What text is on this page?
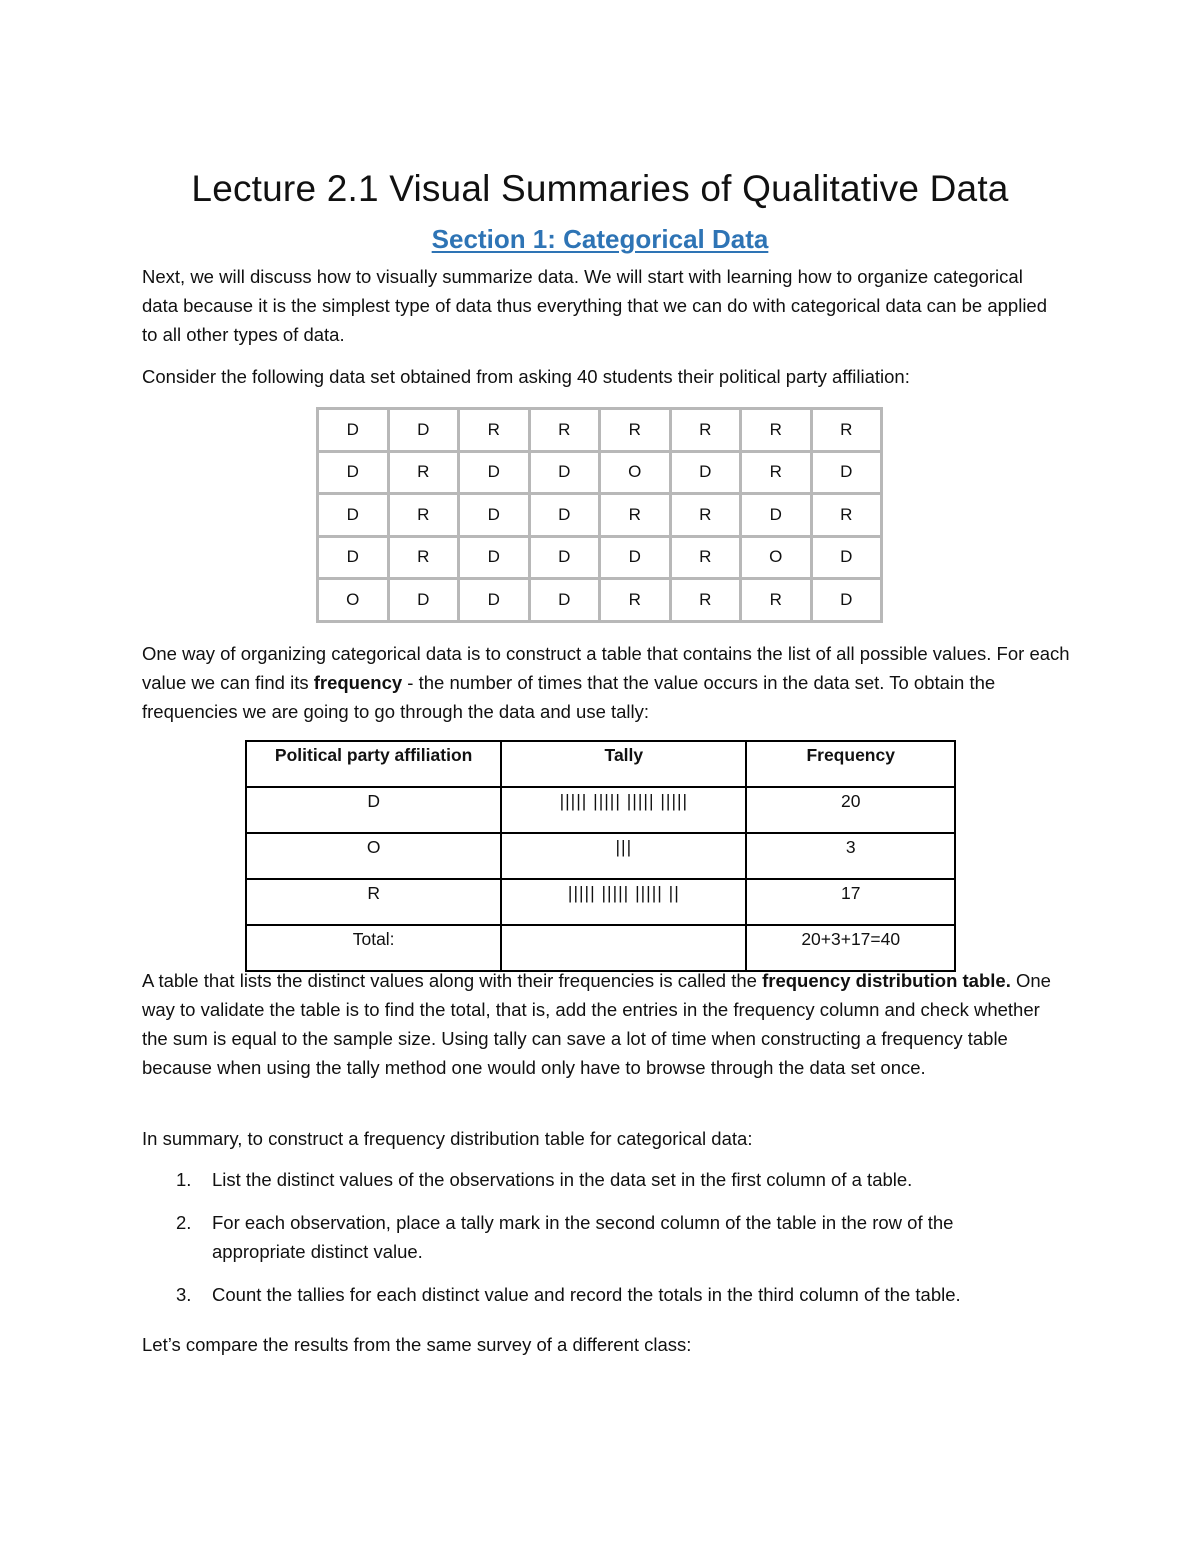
Lecture 2.1 Visual Summaries of Qualitative Data
Section 1: Categorical Data

Next, we will discuss how to visually summarize data. We will start with learning how to organize categorical data because it is the simplest type of data thus everything that we can do with categorical data can be applied to all other types of data.

Consider the following data set obtained from asking 40 students their political party affiliation:

D	D	R	R	R	R	R	R
D	R	D	D	O	D	R	D
D	R	D	D	R	R	D	R
D	R	D	D	D	R	O	D
O	D	D	D	R	R	R	D

One way of organizing categorical data is to construct a table that contains the list of all possible values. For each value we can find its frequency - the number of times that the value occurs in the data set. To obtain the frequencies we are going to go through the data and use tally:

Political party affiliation	Tally	Frequency
D	||||| ||||| ||||| |||||	20
O	|||	3
R	||||| ||||| ||||| ||	17
Total:		20+3+17=40

A table that lists the distinct values along with their frequencies is called the frequency distribution table. One way to validate the table is to find the total, that is, add the entries in the frequency column and check whether the sum is equal to the sample size. Using tally can save a lot of time when constructing a frequency table because when using the tally method one would only have to browse through the data set once.

In summary, to construct a frequency distribution table for categorical data:

1. List the distinct values of the observations in the data set in the first column of a table.
2. For each observation, place a tally mark in the second column of the table in the row of the appropriate distinct value.
3. Count the tallies for each distinct value and record the totals in the third column of the table.

Let’s compare the results from the same survey of a different class:
